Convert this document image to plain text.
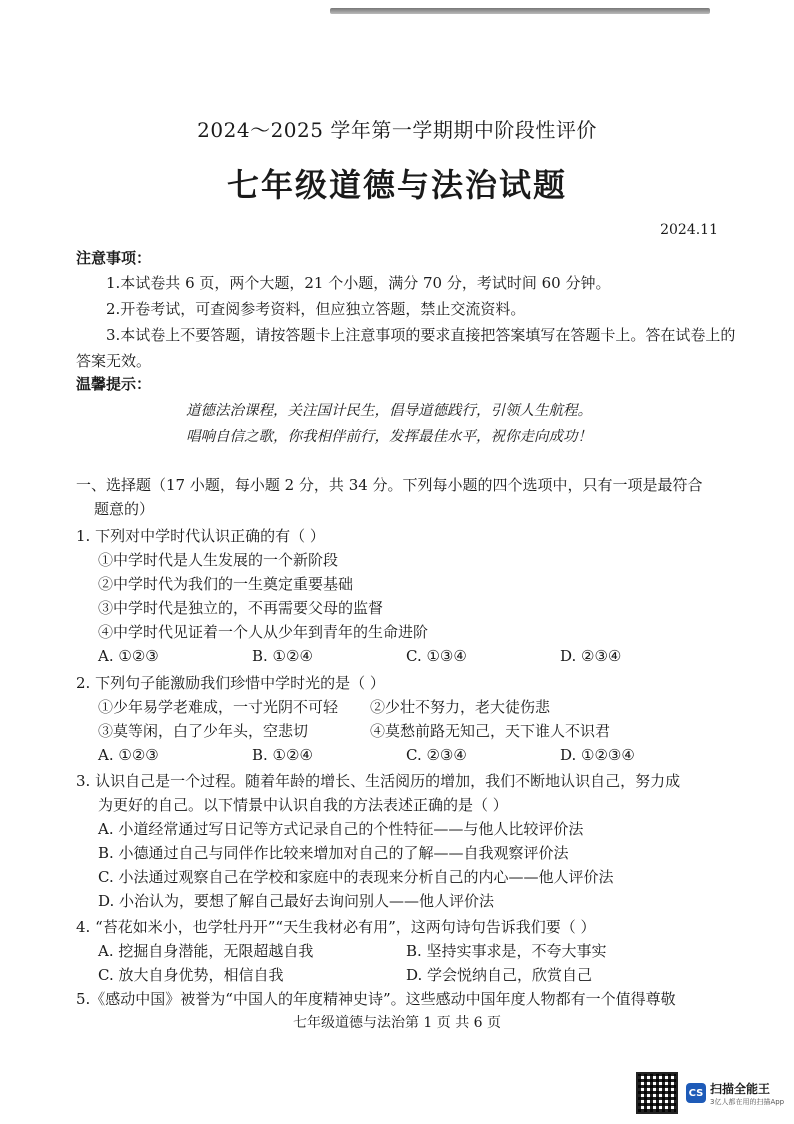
2024～2025 学年第一学期期中阶段性评价
七年级道德与法治试题
2024.11
注意事项：

1.本试卷共 6 页，两个大题，21 个小题，满分 70 分，考试时间 60 分钟。

2.开卷考试，可查阅参考资料，但应独立答题，禁止交流资料。

3.本试卷上不要答题，请按答题卡上注意事项的要求直接把答案填写在答题卡上。答在试卷上的答案无效。

温馨提示：
道德法治课程，关注国计民生，倡导道德践行，引领人生航程。
唱响自信之歌，你我相伴前行，发挥最佳水平，祝你走向成功！
一、选择题（17 小题，每小题 2 分，共 34 分。下列每小题的四个选项中，只有一项是最符合
题意的）
1. 下列对中学时代认识正确的有（ ）
①中学时代是人生发展的一个新阶段
②中学时代为我们的一生奠定重要基础
③中学时代是独立的，不再需要父母的监督
④中学时代见证着一个人从少年到青年的生命进阶
A. ①②③	B. ①②④	C. ①③④	D. ②③④
2. 下列句子能激励我们珍惜中学时光的是（ ）
①少年易学老难成，一寸光阴不可轻	②少壮不努力，老大徒伤悲
③莫等闲，白了少年头，空悲切	④莫愁前路无知己，天下谁人不识君
A. ①②③	B. ①②④	C. ②③④	D. ①②③④
3. 认识自己是一个过程。随着年龄的增长、生活阅历的增加，我们不断地认识自己，努力成
为更好的自己。以下情景中认识自我的方法表述正确的是（ ）
A. 小道经常通过写日记等方式记录自己的个性特征——与他人比较评价法
B. 小德通过自己与同伴作比较来增加对自己的了解——自我观察评价法
C. 小法通过观察自己在学校和家庭中的表现来分析自己的内心——他人评价法
D. 小治认为，要想了解自己最好去询问别人——他人评价法
4. “苔花如米小，也学牡丹开”“天生我材必有用”，这两句诗句告诉我们要（ ）
A. 挖掘自身潜能，无限超越自我	B. 坚持实事求是，不夸大事实
C. 放大自身优势，相信自我	D. 学会悦纳自己，欣赏自己
5.《感动中国》被誉为“中国人的年度精神史诗”。这些感动中国年度人物都有一个值得尊敬
七年级道德与法治第 1 页 共 6 页
CS 扫描全能王
3亿人都在用的扫描App
